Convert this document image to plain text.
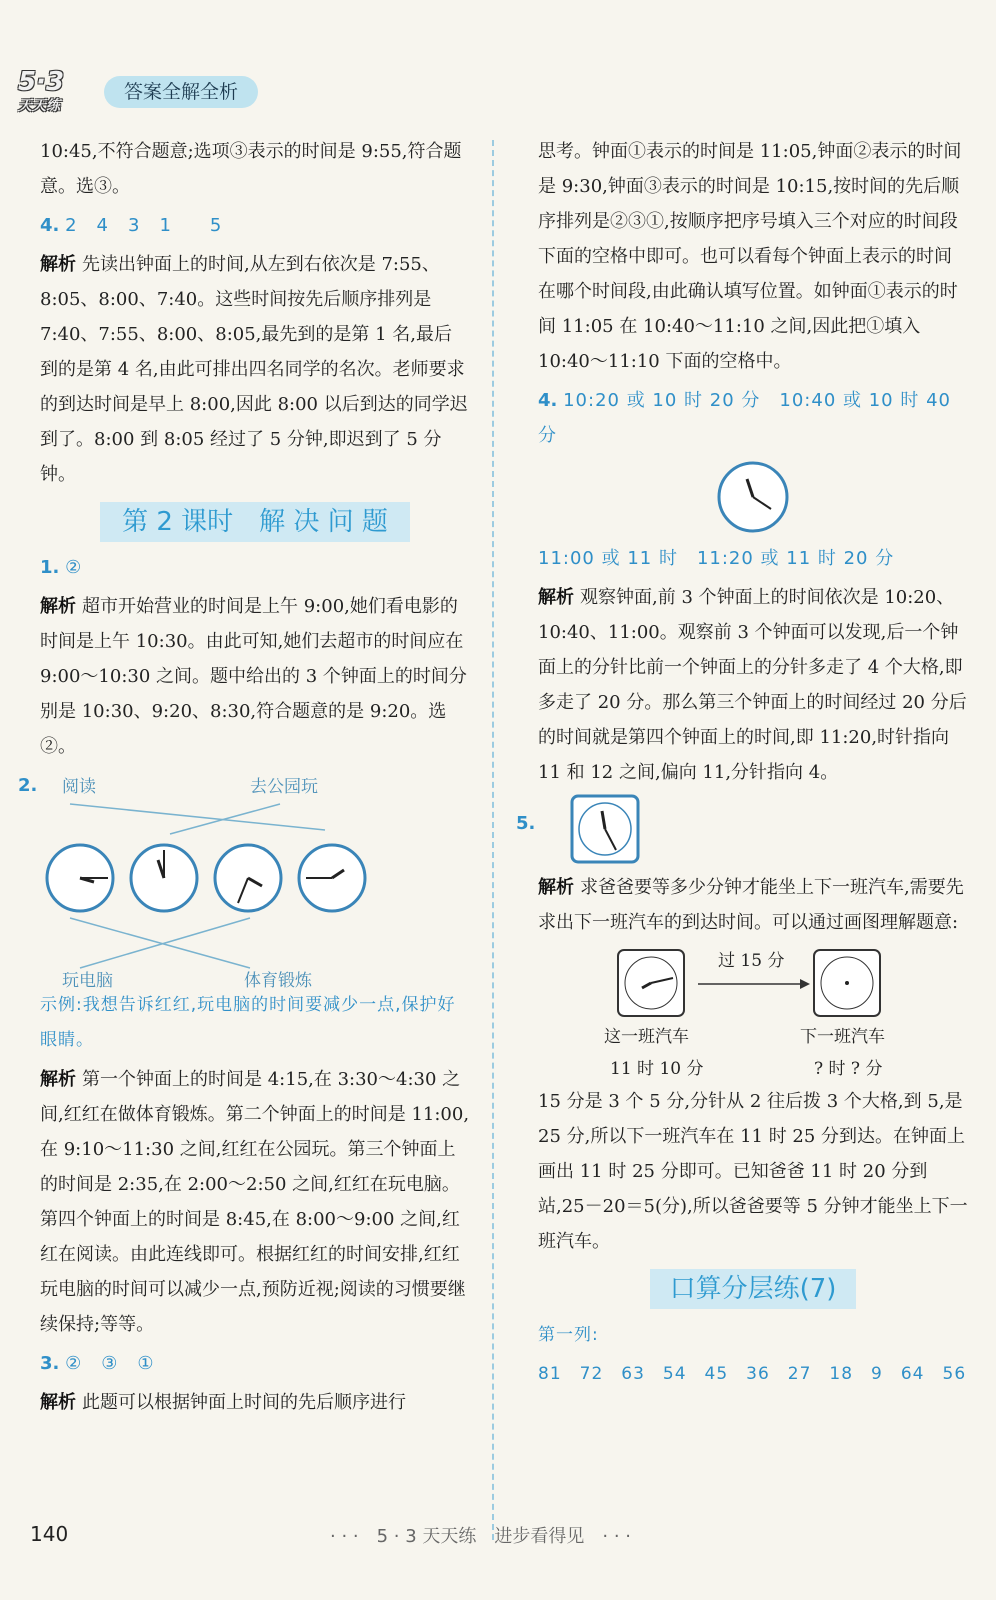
5·3
天天练
答案全解全析

10:45,不符合题意;选项③表示的时间是 9:55,符合题意。选③。

4. 2　4　3　1　　5

解析 先读出钟面上的时间,从左到右依次是 7:55、8:05、8:00、7:40。这些时间按先后顺序排列是 7:40、7:55、8:00、8:05,最先到的是第 1 名,最后到的是第 4 名,由此可排出四名同学的名次。老师要求的到达时间是早上 8:00,因此 8:00 以后到达的同学迟到了。8:00 到 8:05 经过了 5 分钟,即迟到了 5 分钟。

第 2 课时　解 决 问 题

1. ②

解析 超市开始营业的时间是上午 9:00,她们看电影的时间是上午 10:30。由此可知,她们去超市的时间应在 9:00～10:30 之间。题中给出的 3 个钟面上的时间分别是 10:30、9:20、8:30,符合题意的是 9:20。选②。

2. 阅读	去公园玩
玩电脑	体育锻炼

示例:我想告诉红红,玩电脑的时间要减少一点,保护好眼睛。

解析 第一个钟面上的时间是 4:15,在 3:30～4:30 之间,红红在做体育锻炼。第二个钟面上的时间是 11:00,在 9:10～11:30 之间,红红在公园玩。第三个钟面上的时间是 2:35,在 2:00～2:50 之间,红红在玩电脑。第四个钟面上的时间是 8:45,在 8:00～9:00 之间,红红在阅读。由此连线即可。根据红红的时间安排,红红玩电脑的时间可以减少一点,预防近视;阅读的习惯要继续保持;等等。

3. ②　③　①

解析 此题可以根据钟面上时间的先后顺序进行

思考。钟面①表示的时间是 11:05,钟面②表示的时间是 9:30,钟面③表示的时间是 10:15,按时间的先后顺序排列是②③①,按顺序把序号填入三个对应的时间段下面的空格中即可。也可以看每个钟面上表示的时间在哪个时间段,由此确认填写位置。如钟面①表示的时间 11:05 在 10:40～11:10 之间,因此把①填入 10:40～11:10 下面的空格中。

4. 10:20 或 10 时 20 分　10:40 或 10 时 40 分

11:00 或 11 时　11:20 或 11 时 20 分

解析 观察钟面,前 3 个钟面上的时间依次是 10:20、10:40、11:00。观察前 3 个钟面可以发现,后一个钟面上的分针比前一个钟面上的分针多走了 4 个大格,即多走了 20 分。那么第三个钟面上的时间经过 20 分后的时间就是第四个钟面上的时间,即 11:20,时针指向 11 和 12 之间,偏向 11,分针指向 4。

5.

解析 求爸爸要等多少分钟才能坐上下一班汽车,需要先求出下一班汽车的到达时间。可以通过画图理解题意:

过 15 分
这一班汽车	下一班汽车
11 时 10 分	? 时 ? 分

15 分是 3 个 5 分,分针从 2 往后拨 3 个大格,到 5,是 25 分,所以下一班汽车在 11 时 25 分到达。在钟面上画出 11 时 25 分即可。已知爸爸 11 时 20 分到站,25－20＝5(分),所以爸爸要等 5 分钟才能坐上下一班汽车。

口算分层练(7)

第一列:

81　72　63　54　45　36　27　18　9　64　56

140	· · ·　5 · 3 天天练　进步看得见　· · ·
